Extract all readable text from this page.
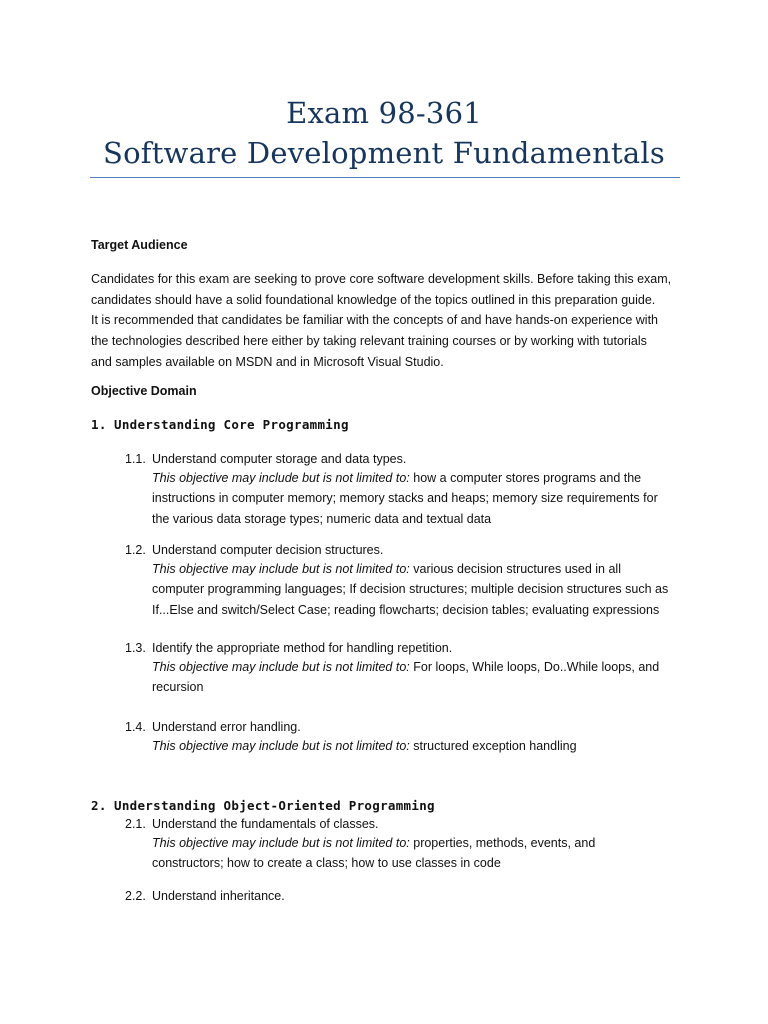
Exam 98-361
Software Development Fundamentals
Target Audience
Candidates for this exam are seeking to prove core software development skills. Before taking this exam,
candidates should have a solid foundational knowledge of the topics outlined in this preparation guide.
It is recommended that candidates be familiar with the concepts of and have hands-on experience with
the technologies described here either by taking relevant training courses or by working with tutorials
and samples available on MSDN and in Microsoft Visual Studio.
Objective Domain
1. Understanding Core Programming
1.1. Understand computer storage and data types.
This objective may include but is not limited to: how a computer stores programs and the
instructions in computer memory; memory stacks and heaps; memory size requirements for
the various data storage types; numeric data and textual data
1.2. Understand computer decision structures.
This objective may include but is not limited to: various decision structures used in all
computer programming languages; If decision structures; multiple decision structures such as
If...Else and switch/Select Case; reading flowcharts; decision tables; evaluating expressions
1.3. Identify the appropriate method for handling repetition.
This objective may include but is not limited to: For loops, While loops, Do..While loops, and
recursion
1.4. Understand error handling.
This objective may include but is not limited to: structured exception handling
2. Understanding Object-Oriented Programming
2.1. Understand the fundamentals of classes.
This objective may include but is not limited to: properties, methods, events, and
constructors; how to create a class; how to use classes in code
2.2. Understand inheritance.
